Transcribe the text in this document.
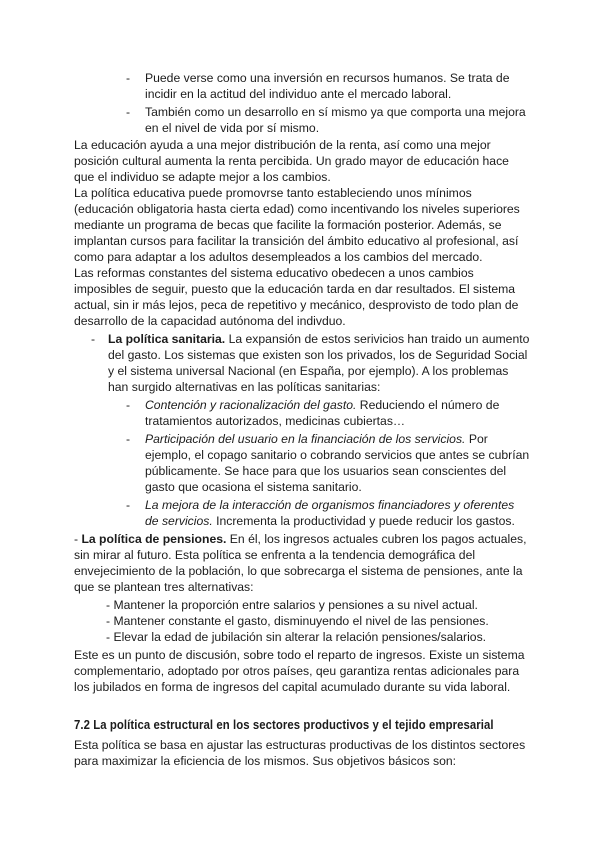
- Puede verse como una inversión en recursos humanos. Se trata de
incidir en la actitud del individuo ante el mercado laboral.
- También como un desarrollo en sí mismo ya que comporta una mejora
en el nivel de vida por sí mismo.
La educación ayuda a una mejor distribución de la renta, así como una mejor
posición cultural aumenta la renta percibida. Un grado mayor de educación hace
que el individuo se adapte mejor a los cambios.
La política educativa puede promovrse tanto estableciendo unos mínimos
(educación obligatoria hasta cierta edad) como incentivando los niveles superiores
mediante un programa de becas que facilite la formación posterior. Además, se
implantan cursos para facilitar la transición del ámbito educativo al profesional, así
como para adaptar a los adultos desempleados a los cambios del mercado.
Las reformas constantes del sistema educativo obedecen a unos cambios
imposibles de seguir, puesto que la educación tarda en dar resultados. El sistema
actual, sin ir más lejos, peca de repetitivo y mecánico, desprovisto de todo plan de
desarrollo de la capacidad autónoma del indivduo.
- La política sanitaria. La expansión de estos serivicios han traido un aumento
del gasto. Los sistemas que existen son los privados, los de Seguridad Social
y el sistema universal Nacional (en España, por ejemplo). A los problemas
han surgido alternativas en las políticas sanitarias:
- Contención y racionalización del gasto. Reduciendo el número de
tratamientos autorizados, medicinas cubiertas…
- Participación del usuario en la financiación de los servicios. Por
ejemplo, el copago sanitario o cobrando servicios que antes se cubrían
públicamente. Se hace para que los usuarios sean conscientes del
gasto que ocasiona el sistema sanitario.
- La mejora de la interacción de organismos financiadores y oferentes
de servicios. Incrementa la productividad y puede reducir los gastos.
- La política de pensiones. En él, los ingresos actuales cubren los pagos actuales,
sin mirar al futuro. Esta política se enfrenta a la tendencia demográfica del
envejecimiento de la población, lo que sobrecarga el sistema de pensiones, ante la
que se plantean tres alternativas:
- Mantener la proporción entre salarios y pensiones a su nivel actual.
- Mantener constante el gasto, disminuyendo el nivel de las pensiones.
- Elevar la edad de jubilación sin alterar la relación pensiones/salarios.
Este es un punto de discusión, sobre todo el reparto de ingresos. Existe un sistema
complementario, adoptado por otros países, qeu garantiza rentas adicionales para
los jubilados en forma de ingresos del capital acumulado durante su vida laboral.
7.2 La política estructural en los sectores productivos y el tejido empresarial
Esta política se basa en ajustar las estructuras productivas de los distintos sectores
para maximizar la eficiencia de los mismos. Sus objetivos básicos son:
